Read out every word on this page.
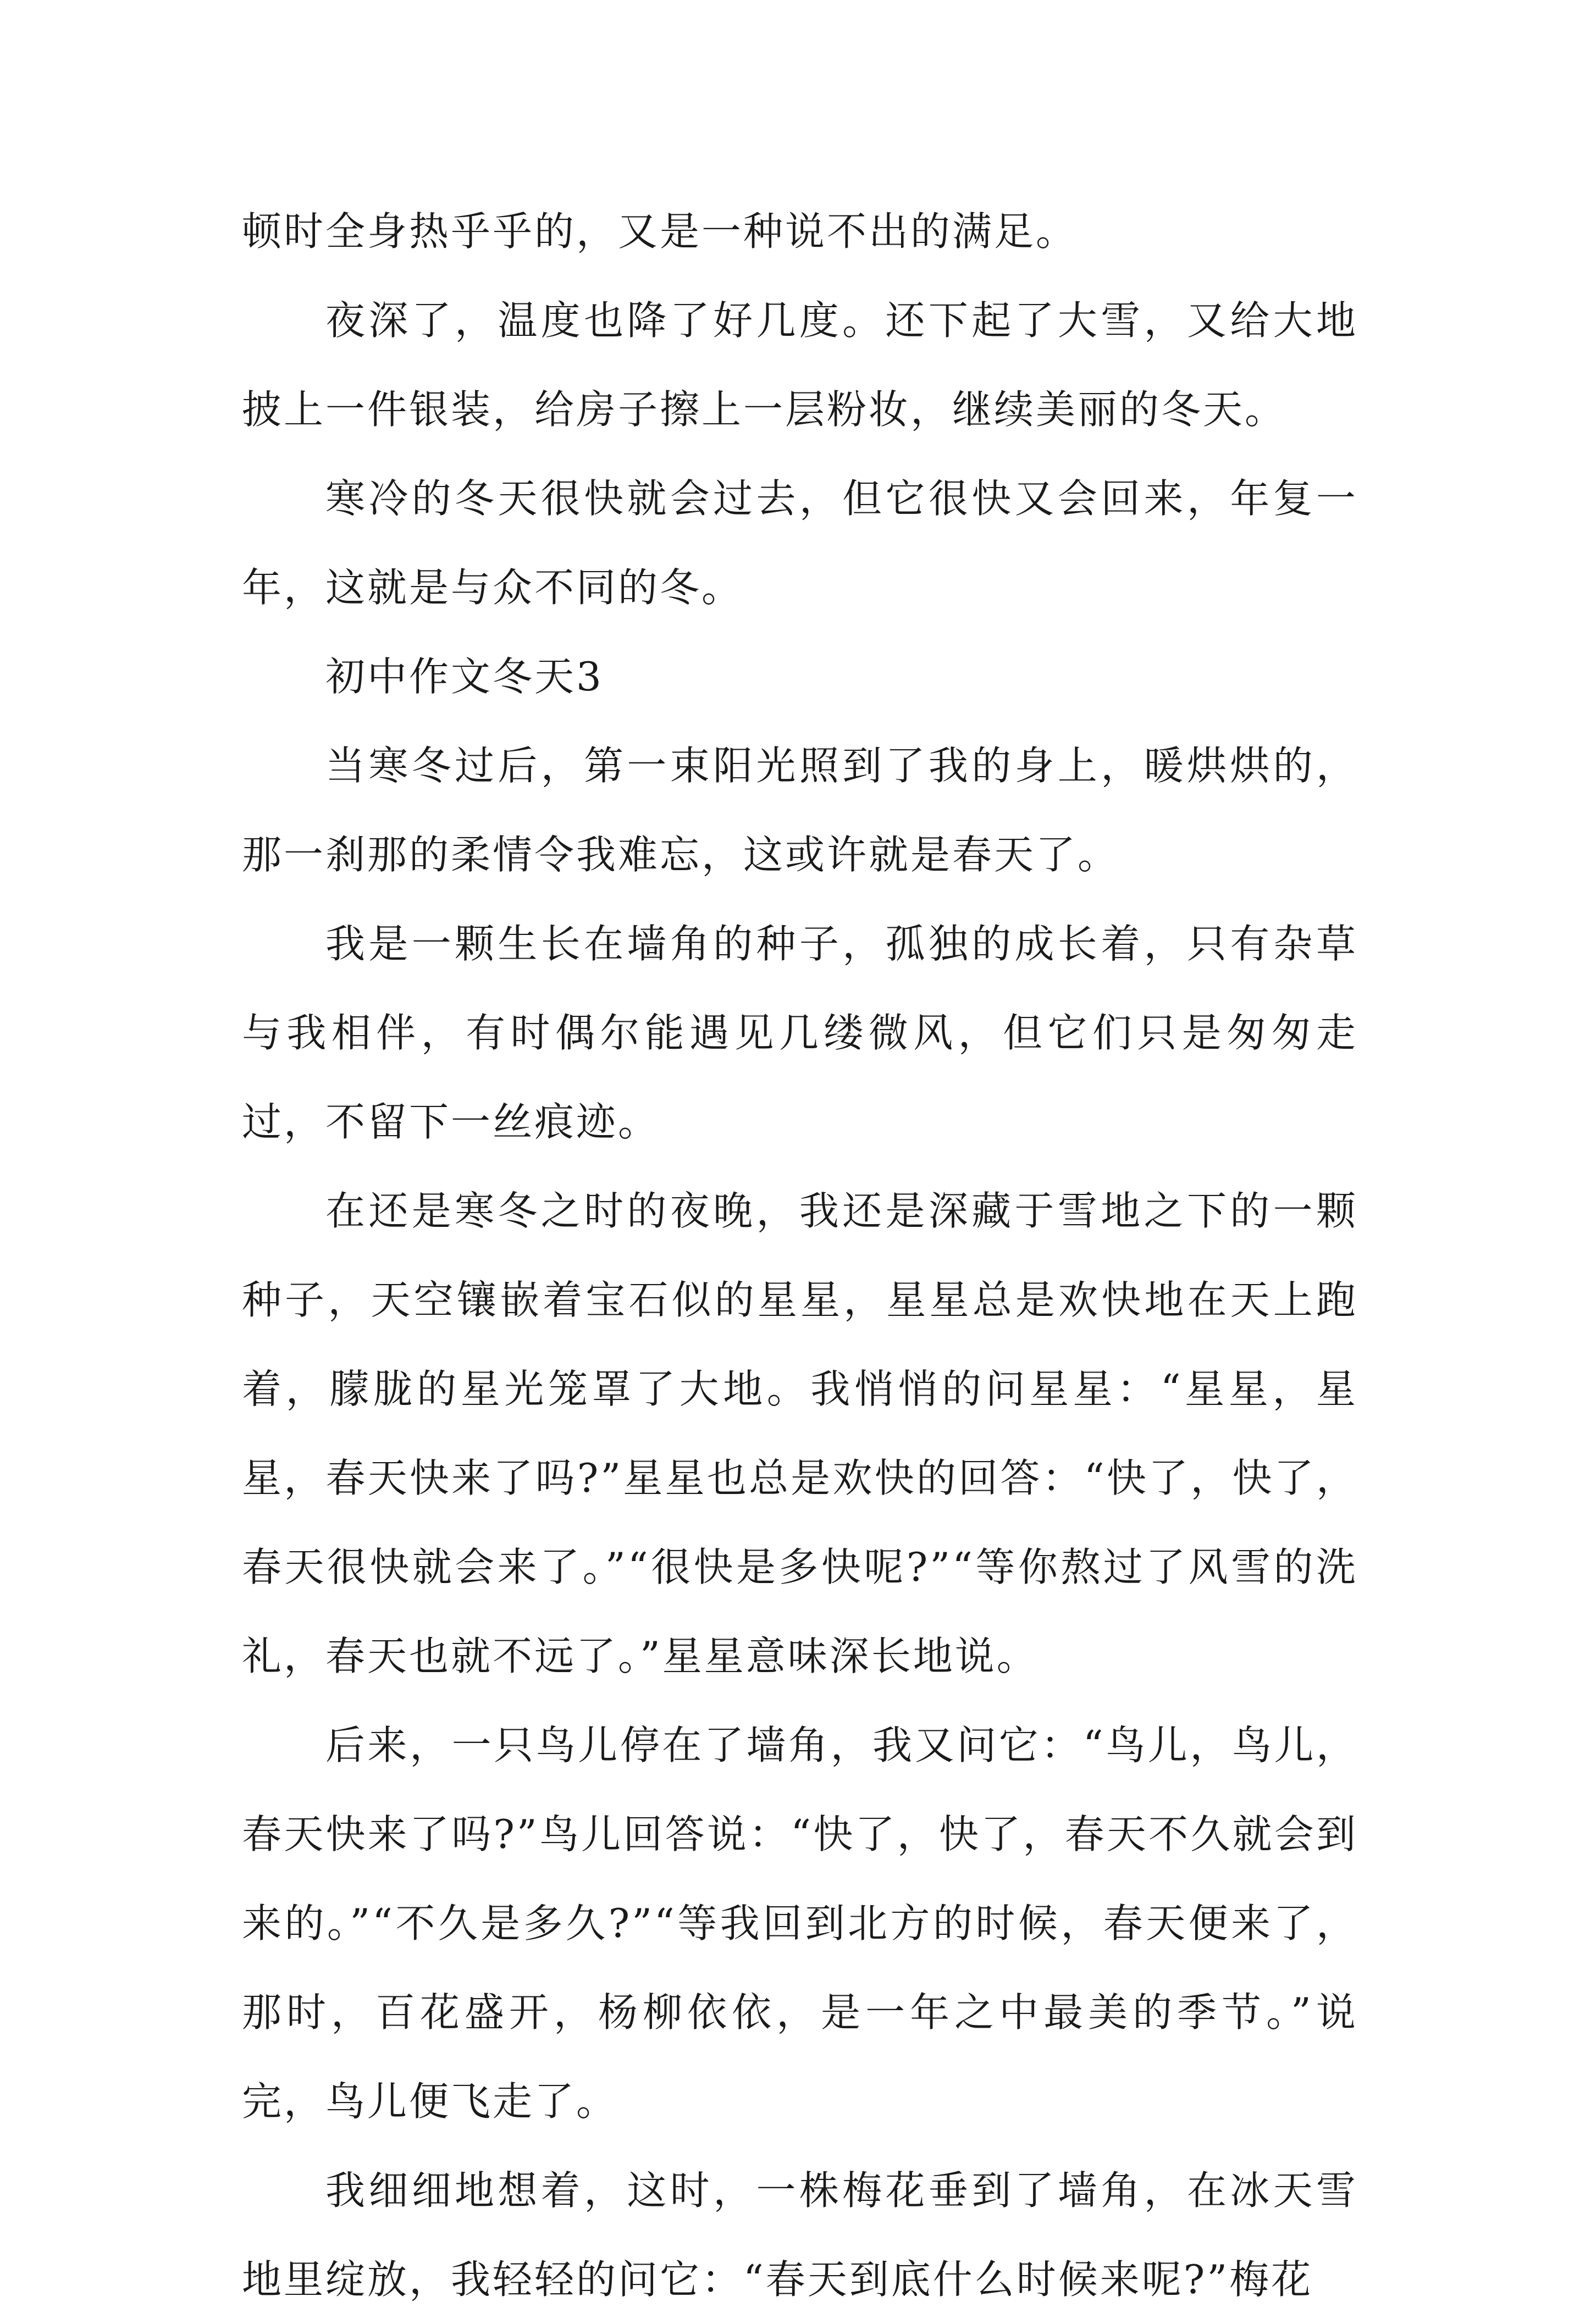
顿时全身热乎乎的，又是一种说不出的满足。

夜深了，温度也降了好几度。还下起了大雪，又给大地披上一件银装，给房子擦上一层粉妆，继续美丽的冬天。

寒冷的冬天很快就会过去，但它很快又会回来，年复一年，这就是与众不同的冬。

初中作文冬天3

当寒冬过后，第一束阳光照到了我的身上，暖烘烘的，那一刹那的柔情令我难忘，这或许就是春天了。

我是一颗生长在墙角的种子，孤独的成长着，只有杂草与我相伴，有时偶尔能遇见几缕微风，但它们只是匆匆走过，不留下一丝痕迹。

在还是寒冬之时的夜晚，我还是深藏于雪地之下的一颗种子，天空镶嵌着宝石似的星星，星星总是欢快地在天上跑着，朦胧的星光笼罩了大地。我悄悄的问星星：“星星，星星，春天快来了吗?”星星也总是欢快的回答：“快了，快了，春天很快就会来了。”“很快是多快呢?”“等你熬过了风雪的洗礼，春天也就不远了。”星星意味深长地说。

后来，一只鸟儿停在了墙角，我又问它：“鸟儿，鸟儿，春天快来了吗?”鸟儿回答说：“快了，快了，春天不久就会到来的。”“不久是多久?”“等我回到北方的时候，春天便来了，那时，百花盛开，杨柳依依，是一年之中最美的季节。”说完，鸟儿便飞走了。

我细细地想着，这时，一株梅花垂到了墙角，在冰天雪地里绽放，我轻轻的问它：“春天到底什么时候来呢?”梅花
